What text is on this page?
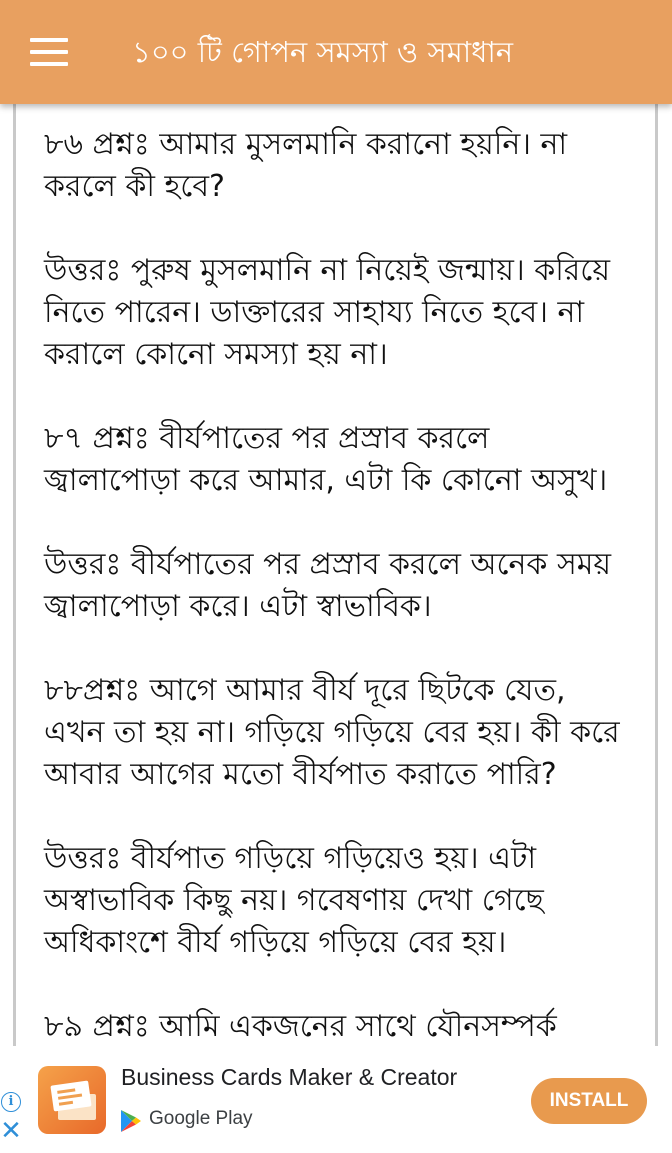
১০০ টি গোপন সমস্যা ও সমাধান

৮৬ প্রশ্নঃ আমার মুসলমানি করানো হয়নি। না করলে কী হবে?

উত্তরঃ পুরুষ মুসলমানি না নিয়েই জন্মায়। করিয়ে নিতে পারেন। ডাক্তারের সাহায্য নিতে হবে। না করালে কোনো সমস্যা হয় না।

৮৭ প্রশ্নঃ বীর্যপাতের পর প্রস্রাব করলে জ্বালাপোড়া করে আমার, এটা কি কোনো অসুখ।

উত্তরঃ বীর্যপাতের পর প্রস্রাব করলে অনেক সময় জ্বালাপোড়া করে। এটা স্বাভাবিক।

৮৮প্রশ্নঃ আগে আমার বীর্য দূরে ছিটকে যেত, এখন তা হয় না। গড়িয়ে গড়িয়ে বের হয়। কী করে আবার আগের মতো বীর্যপাত করাতে পারি?

উত্তরঃ বীর্যপাত গড়িয়ে গড়িয়েও হয়। এটা অস্বাভাবিক কিছু নয়। গবেষণায় দেখা গেছে অধিকাংশে বীর্য গড়িয়ে গড়িয়ে বের হয়।

৮৯ প্রশ্নঃ আমি একজনের সাথে যৌনসম্পর্ক

i
✕
Business Cards Maker & Creator
Google Play
INSTALL
